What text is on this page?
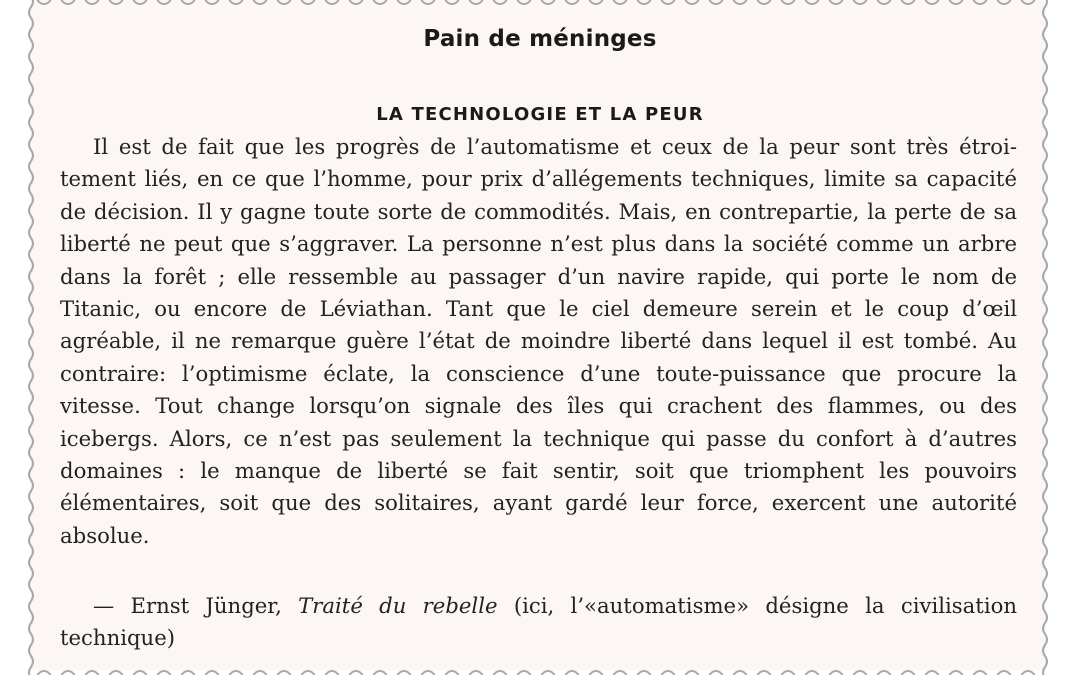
Pain de méninges
LA TECHNOLOGIE ET LA PEUR

Il est de fait que les progrès de l’automatisme et ceux de la peur sont très étroitement liés, en ce que l’homme, pour prix d’allégements techniques, limite sa capacité de décision. Il y gagne toute sorte de commodités. Mais, en contrepartie, la perte de sa liberté ne peut que s’aggraver. La personne n’est plus dans la société comme un arbre dans la forêt ; elle ressemble au passager d’un navire rapide, qui porte le nom de Titanic, ou encore de Léviathan. Tant que le ciel demeure serein et le coup d’œil agréable, il ne remarque guère l’état de moindre liberté dans lequel il est tombé. Au contraire: l’optimisme éclate, la conscience d’une toute-puissance que procure la vitesse. Tout change lorsqu’on signale des îles qui crachent des flammes, ou des icebergs. Alors, ce n’est pas seulement la technique qui passe du confort à d’autres domaines : le manque de liberté se fait sentir, soit que triomphent les pouvoirs élémentaires, soit que des solitaires, ayant gardé leur force, exercent une autorité absolue.

— Ernst Jünger, Traité du rebelle (ici, l’«automatisme» désigne la civilisation technique)
